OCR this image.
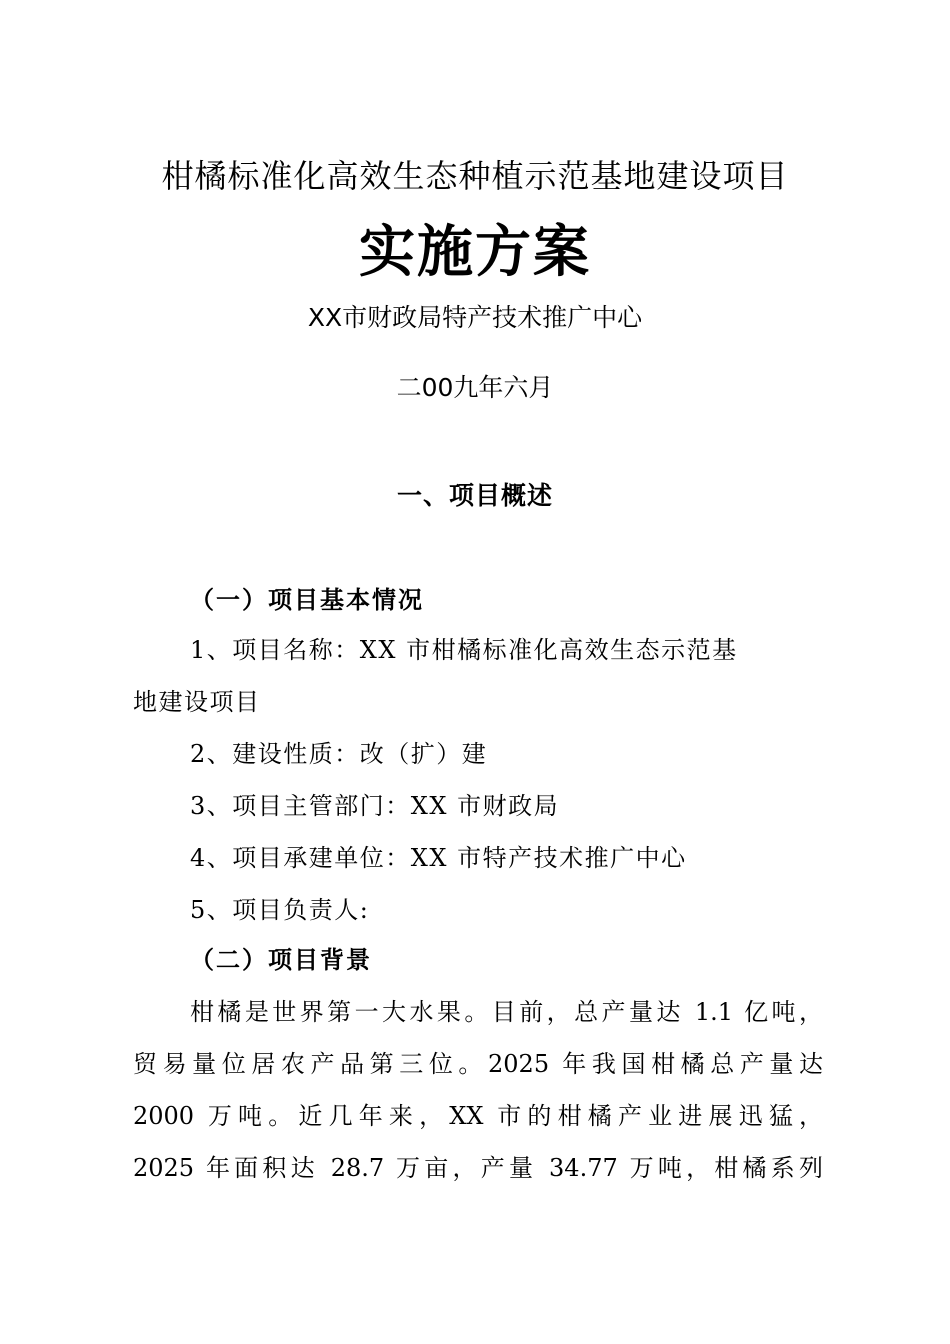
柑橘标准化高效生态种植示范基地建设项目
实施方案
XX市财政局特产技术推广中心
二00九年六月
一、项目概述
（一）项目基本情况
1、项目名称：XX 市柑橘标准化高效生态示范基
地建设项目
2、建设性质：改（扩）建
3、项目主管部门：XX 市财政局
4、项目承建单位：XX 市特产技术推广中心
5、项目负责人:
（二）项目背景
柑橘是世界第一大水果。目前，总产量达 1.1 亿吨，
贸易量位居农产品第三位。2025 年我国柑橘总产量达
2000 万吨。近几年来，XX 市的柑橘产业进展迅猛，
2025 年面积达 28.7 万亩，产量 34.77 万吨，柑橘系列
